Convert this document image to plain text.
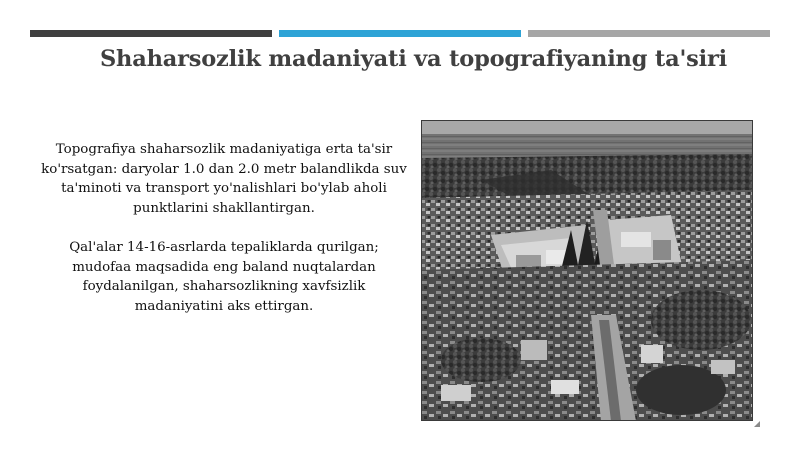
Shaharsozlik madaniyati va topografiyaning ta'siri

Topografiya shaharsozlik madaniyatiga erta ta'sir ko'rsatgan: daryolar 1.0 dan 2.0 metr balandlikda suv ta'minoti va transport yo'nalishlari bo'ylab aholi punktlarini shakllantirgan.

Qal'alar 14-16-asrlarda tepaliklarda qurilgan; mudofaa maqsadida eng baland nuqtalardan foydalanilgan, shaharsozlikning xavfsizlik madaniyatini aks ettirgan.
